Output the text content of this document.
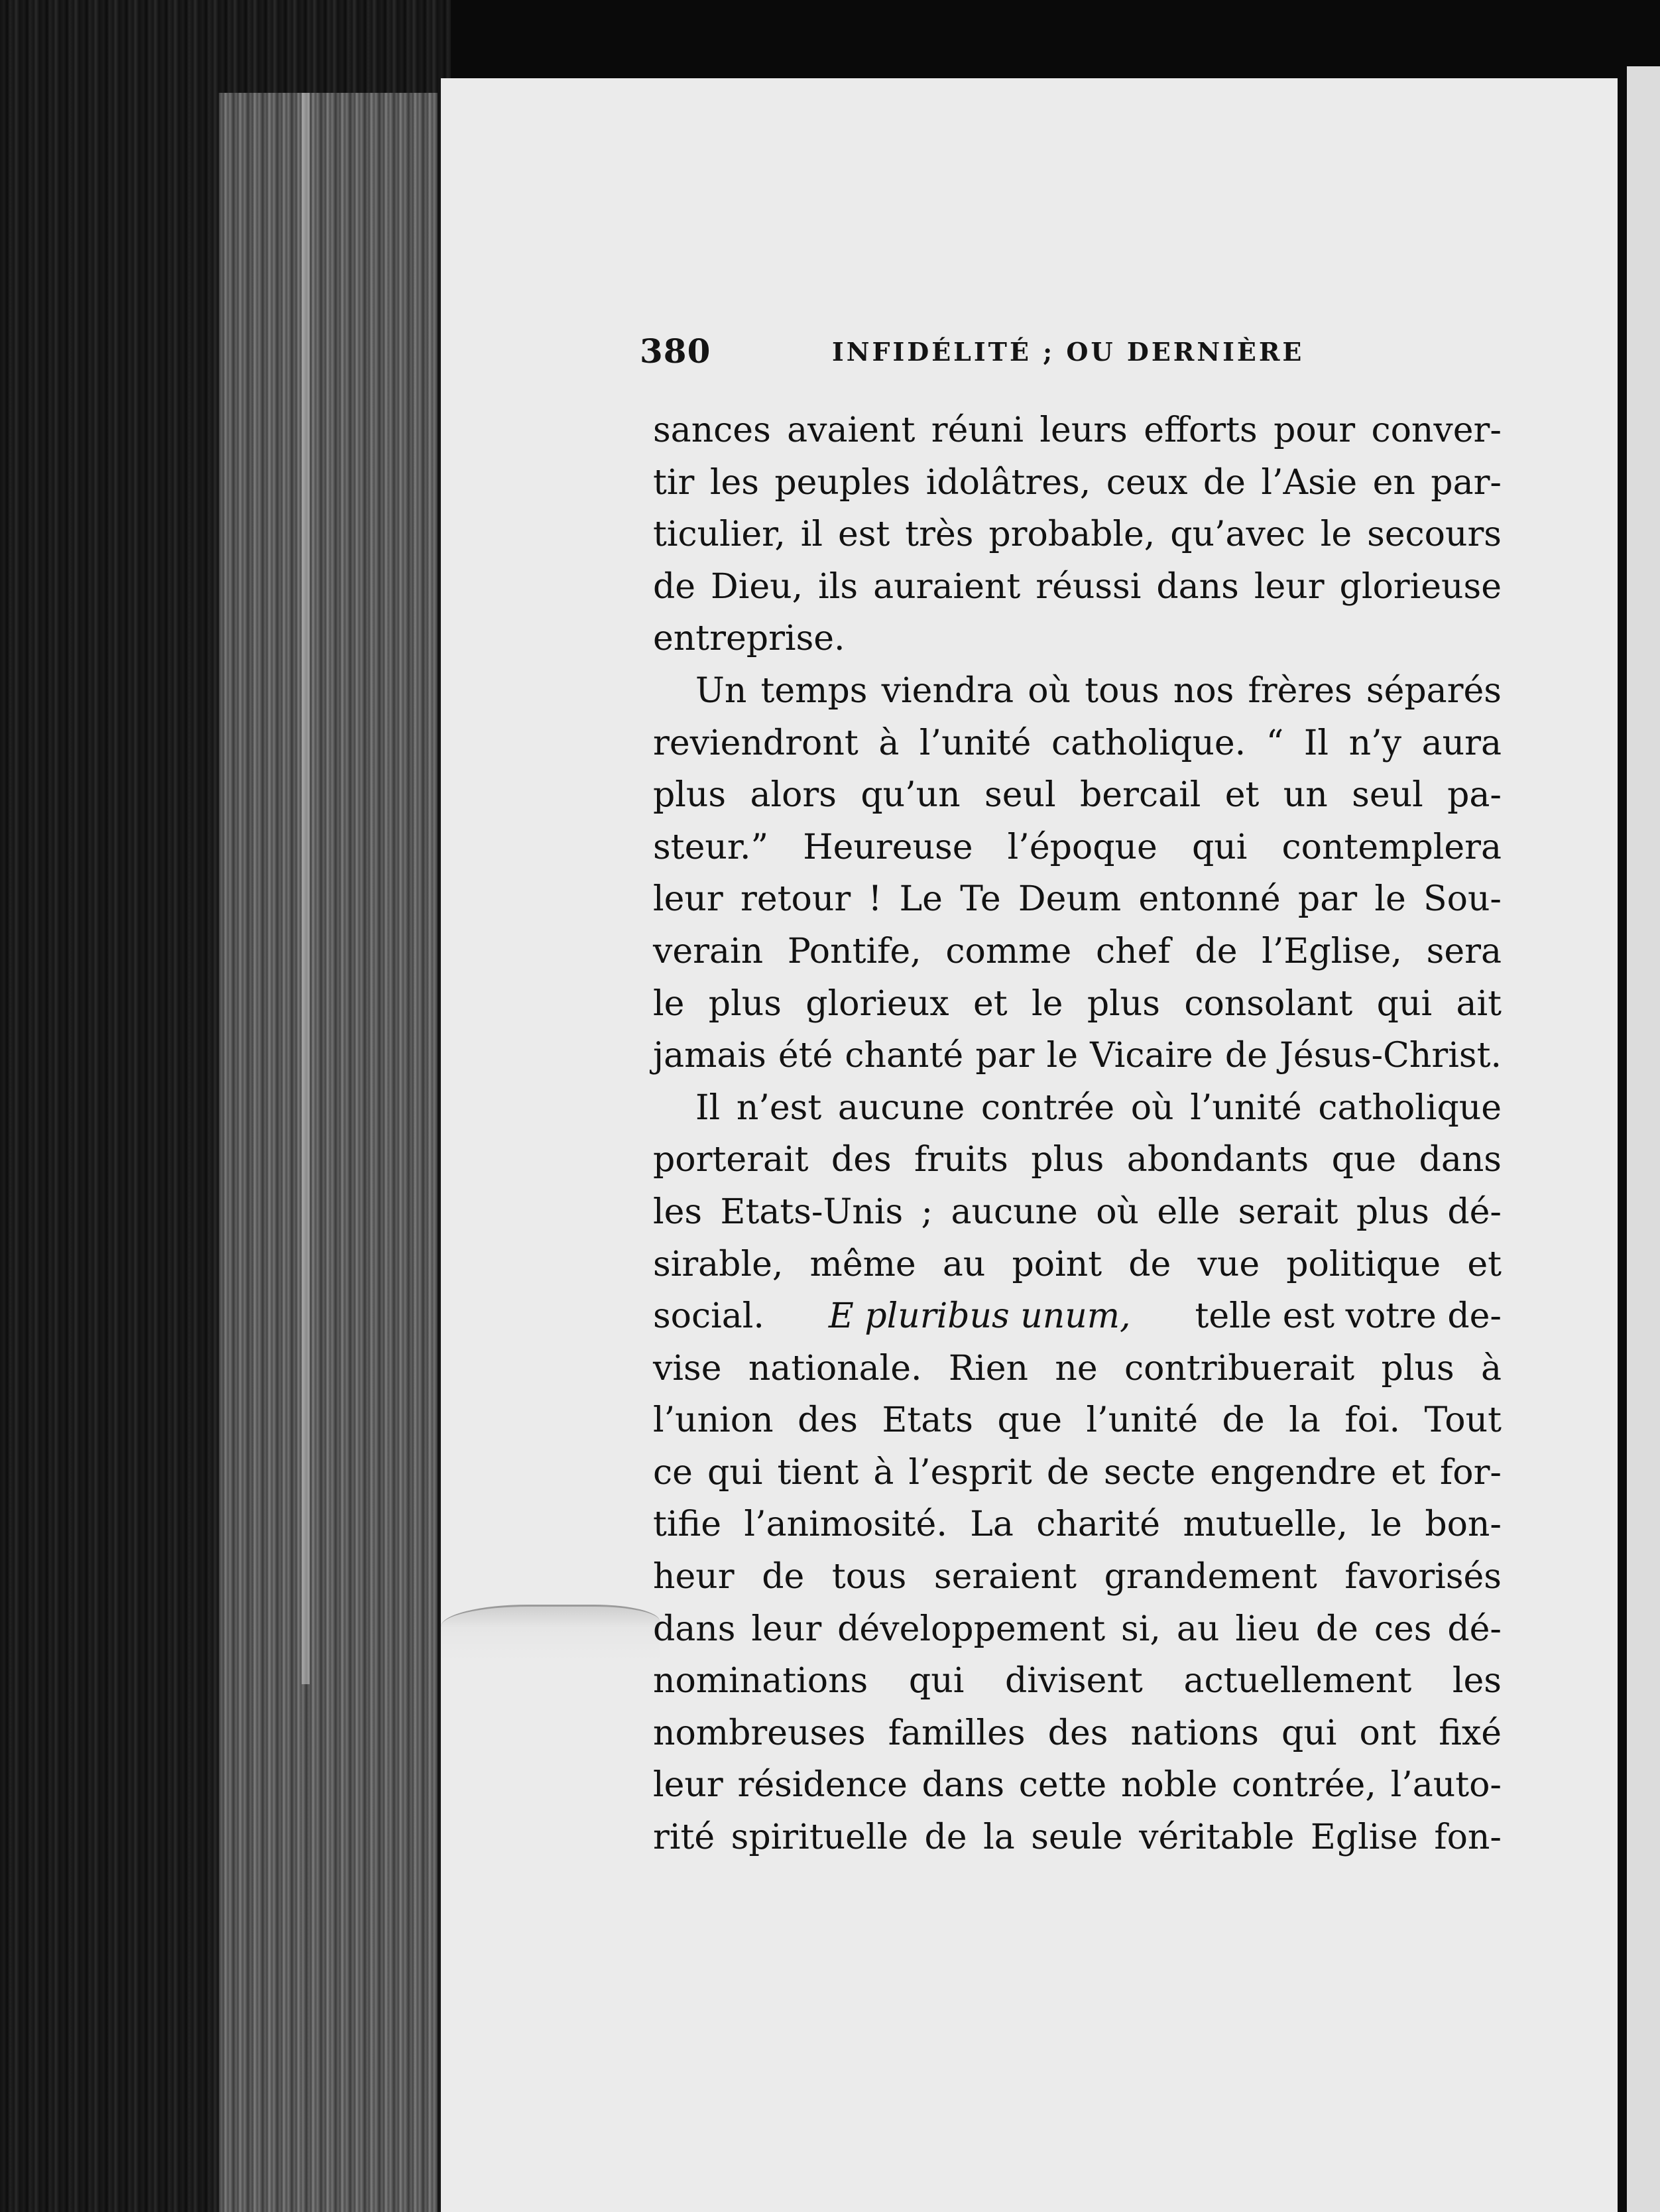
380	INFIDÉLITÉ ; OU DERNIÈRE
sances avaient réuni leurs efforts pour conver-
tir les peuples idolâtres, ceux de l’Asie en par-
ticulier, il est très probable, qu’avec le secours
de Dieu, ils auraient réussi dans leur glorieuse
entreprise.
Un temps viendra où tous nos frères séparés
reviendront à l’unité catholique. “ Il n’y aura
plus alors qu’un seul bercail et un seul pa-
steur.” Heureuse l’époque qui contemplera
leur retour ! Le Te Deum entonné par le Sou-
verain Pontife, comme chef de l’Eglise, sera
le plus glorieux et le plus consolant qui ait
jamais été chanté par le Vicaire de Jésus-Christ.
Il n’est aucune contrée où l’unité catholique
porterait des fruits plus abondants que dans
les Etats-Unis ; aucune où elle serait plus dé-
sirable, même au point de vue politique et
social. E pluribus unum, telle est votre de-
vise nationale. Rien ne contribuerait plus à
l’union des Etats que l’unité de la foi. Tout
ce qui tient à l’esprit de secte engendre et for-
tifie l’animosité. La charité mutuelle, le bon-
heur de tous seraient grandement favorisés
dans leur développement si, au lieu de ces dé-
nominations qui divisent actuellement les
nombreuses familles des nations qui ont fixé
leur résidence dans cette noble contrée, l’auto-
rité spirituelle de la seule véritable Eglise fon-
